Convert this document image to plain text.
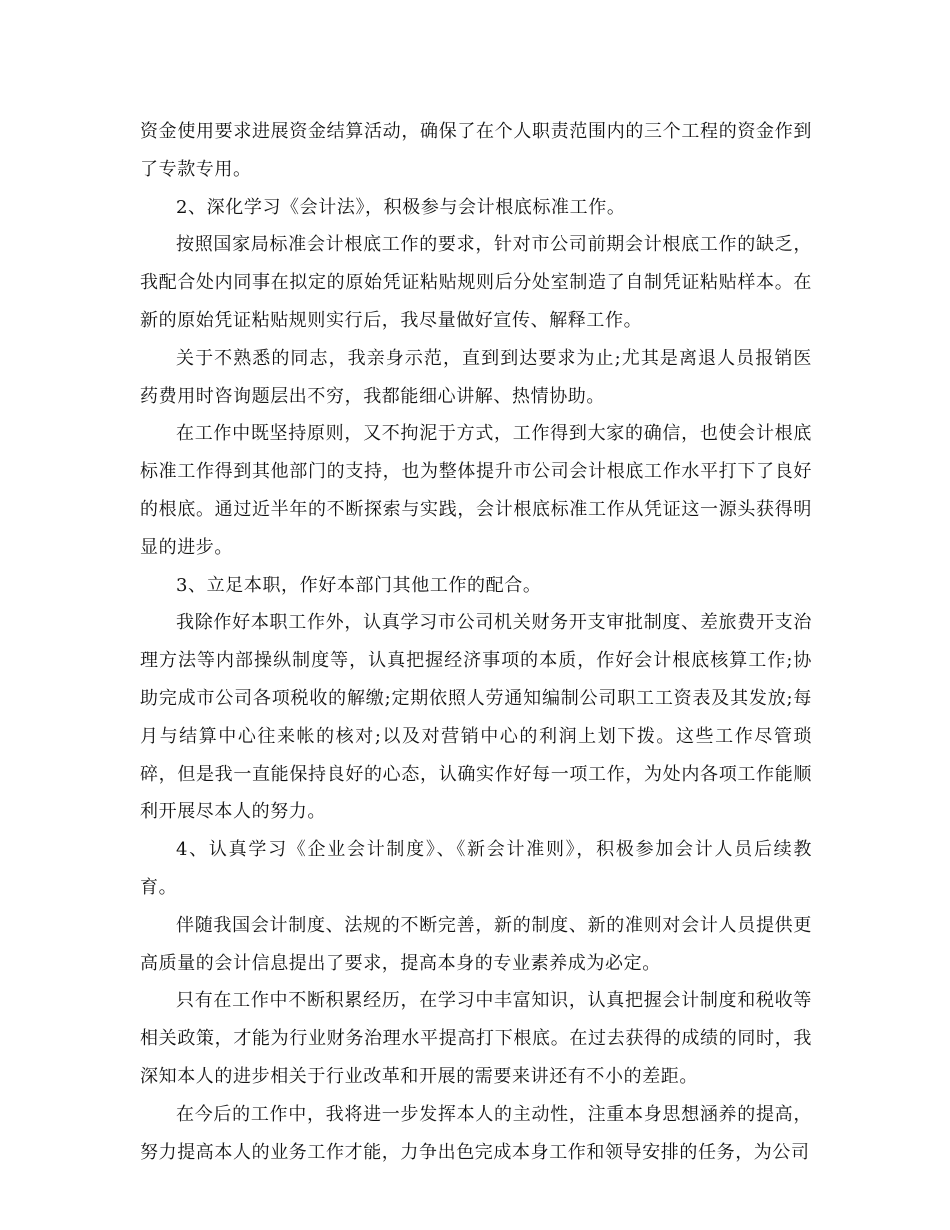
资金使用要求进展资金结算活动，确保了在个人职责范围内的三个工程的资金作到了专款专用。

2、深化学习《会计法》，积极参与会计根底标准工作。

按照国家局标准会计根底工作的要求，针对市公司前期会计根底工作的缺乏，我配合处内同事在拟定的原始凭证粘贴规则后分处室制造了自制凭证粘贴样本。在新的原始凭证粘贴规则实行后，我尽量做好宣传、解释工作。

关于不熟悉的同志，我亲身示范，直到到达要求为止;尤其是离退人员报销医药费用时咨询题层出不穷，我都能细心讲解、热情协助。

在工作中既坚持原则，又不拘泥于方式，工作得到大家的确信，也使会计根底标准工作得到其他部门的支持，也为整体提升市公司会计根底工作水平打下了良好的根底。通过近半年的不断探索与实践，会计根底标准工作从凭证这一源头获得明显的进步。

3、立足本职，作好本部门其他工作的配合。

我除作好本职工作外，认真学习市公司机关财务开支审批制度、差旅费开支治理方法等内部操纵制度等，认真把握经济事项的本质，作好会计根底核算工作;协助完成市公司各项税收的解缴;定期依照人劳通知编制公司职工工资表及其发放;每月与结算中心往来帐的核对;以及对营销中心的利润上划下拨。这些工作尽管琐碎，但是我一直能保持良好的心态，认确实作好每一项工作，为处内各项工作能顺利开展尽本人的努力。

4、认真学习《企业会计制度》、《新会计准则》，积极参加会计人员后续教育。

伴随我国会计制度、法规的不断完善，新的制度、新的准则对会计人员提供更高质量的会计信息提出了要求，提高本身的专业素养成为必定。

只有在工作中不断积累经历，在学习中丰富知识，认真把握会计制度和税收等相关政策，才能为行业财务治理水平提高打下根底。在过去获得的成绩的同时，我深知本人的进步相关于行业改革和开展的需要来讲还有不小的差距。

在今后的工作中，我将进一步发挥本人的主动性，注重本身思想涵养的提高，努力提高本人的业务工作才能，力争出色完成本身工作和领导安排的任务，为公司
